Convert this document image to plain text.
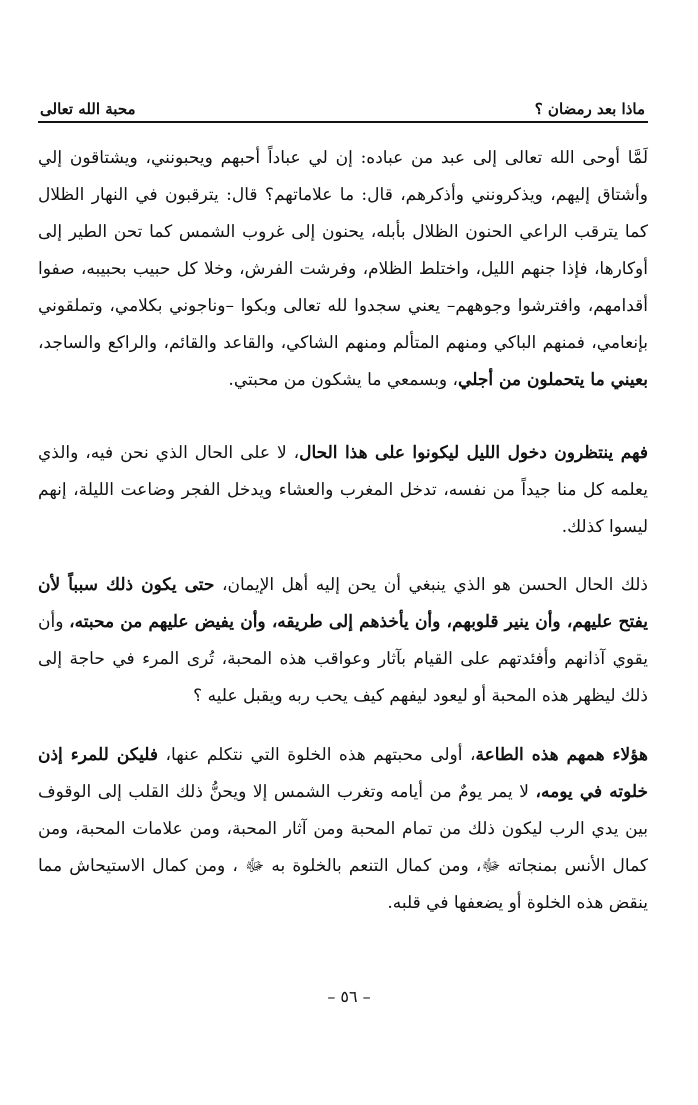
ماذا بعد رمضان ؟
محبة الله تعالى

لَمَّا أوحى الله تعالى إلى عبد من عباده: إن لي عباداً أحبهم ويحبونني، ويشتاقون إلي وأشتاق إليهم، ويذكرونني وأذكرهم، قال: ما علاماتهم؟ قال: يترقبون في النهار الظلال كما يترقب الراعي الحنون الظلال بأبله، يحنون إلى غروب الشمس كما تحن الطير إلى أوكارها، فإذا جنهم الليل، واختلط الظلام، وفرشت الفرش، وخلا كل حبيب بحبيبه، صفوا أقدامهم، وافترشوا وجوههم– يعني سجدوا لله تعالى وبكوا –وناجوني بكلامي، وتملقوني بإنعامي، فمنهم الباكي ومنهم المتألم ومنهم الشاكي، والقاعد والقائم، والراكع والساجد، بعيني ما يتحملون من أجلي، وبسمعي ما يشكون من محبتي.

فهم ينتظرون دخول الليل ليكونوا على هذا الحال، لا على الحال الذي نحن فيه، والذي يعلمه كل منا جيداً من نفسه، تدخل المغرب والعشاء ويدخل الفجر وضاعت الليلة، إنهم ليسوا كذلك.

ذلك الحال الحسن هو الذي ينبغي أن يحن إليه أهل الإيمان، حتى يكون ذلك سبباً لأن يفتح عليهم، وأن ينير قلوبهم، وأن يأخذهم إلى طريقه، وأن يفيض عليهم من محبته، وأن يقوي آذانهم وأفئدتهم على القيام بآثار وعواقب هذه المحبة، تُرى المرء في حاجة إلى ذلك ليظهر هذه المحبة أو ليعود ليفهم كيف يحب ربه ويقبل عليه ؟

هؤلاء همهم هذه الطاعة، أولى محبتهم هذه الخلوة التي نتكلم عنها، فليكن للمرء إذن خلوته في يومه، لا يمر يومٌ من أيامه وتغرب الشمس إلا ويحنُّ ذلك القلب إلى الوقوف بين يدي الرب ليكون ذلك من تمام المحبة ومن آثار المحبة، ومن علامات المحبة، ومن كمال الأنس بمنجاته ﷻ، ومن كمال التنعم بالخلوة به ﷻ ، ومن كمال الاستيحاش مما ينقض هذه الخلوة أو يضعفها في قلبه.

– ٥٦ –
